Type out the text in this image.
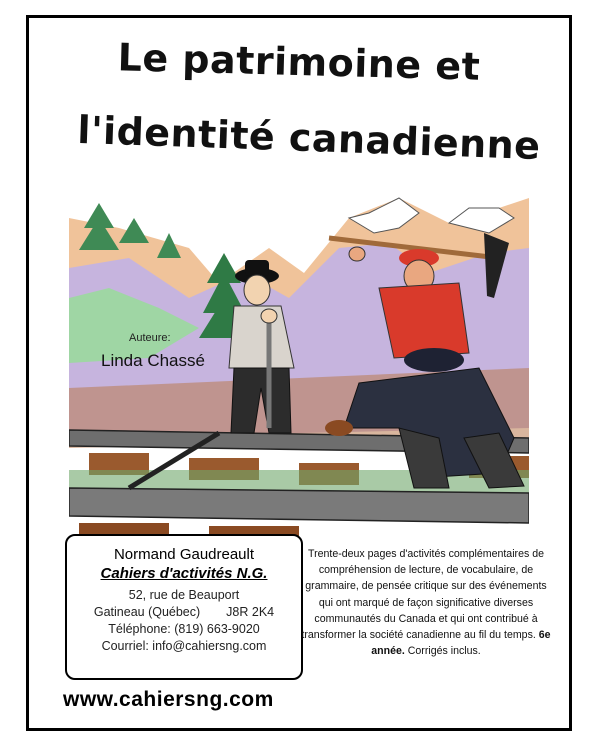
Le patrimoine et
l'identité canadienne
Auteure:
Linda Chassé
Normand Gaudreault
Cahiers d'activités N.G.
52, rue de Beauport
Gatineau (Québec) J8R 2K4
Téléphone: (819) 663-9020
Courriel: info@cahiersng.com
Trente-deux pages d'activités complémentaires de compréhension de lecture, de vocabulaire, de grammaire, de pensée critique sur des événements qui ont marqué de façon significative diverses communautés du Canada et qui ont contribué à transformer la société canadienne au fil du temps. 6e année. Corrigés inclus.
www.cahiersng.com
